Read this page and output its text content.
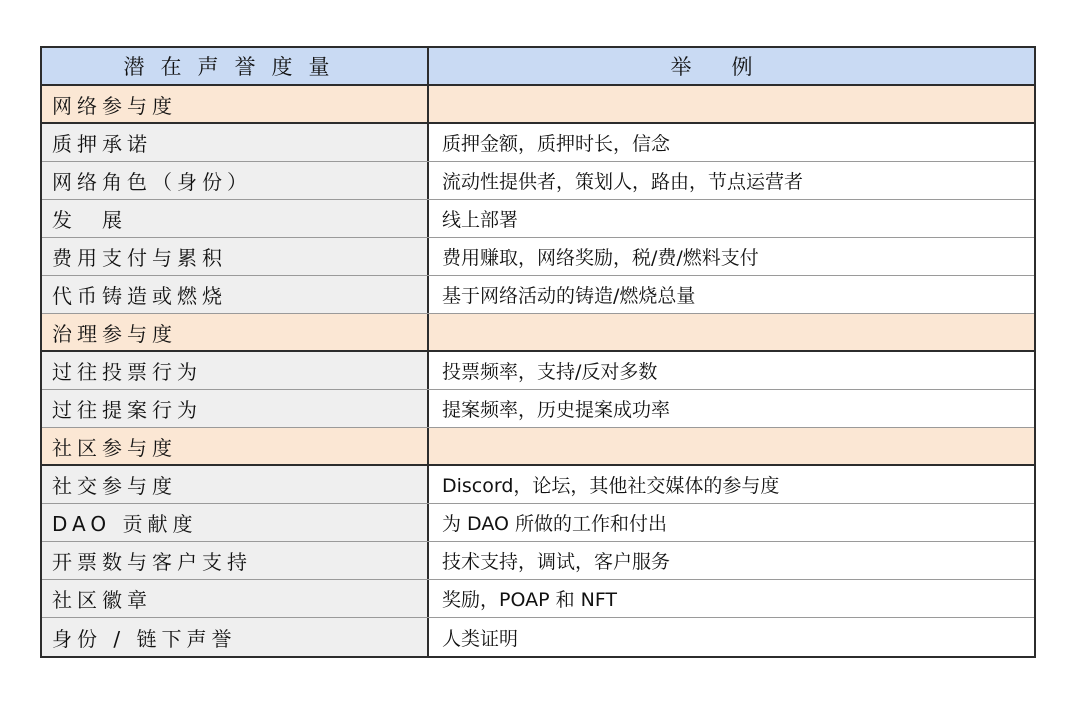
潜在声誉度量	举例
网络参与度
质押承诺	质押金额，质押时长，信念
网络角色（身份）	流动性提供者，策划人，路由，节点运营者
发　展	线上部署
费用支付与累积	费用赚取，网络奖励，税/费/燃料支付
代币铸造或燃烧	基于网络活动的铸造/燃烧总量
治理参与度
过往投票行为	投票频率，支持/反对多数
过往提案行为	提案频率，历史提案成功率
社区参与度
社交参与度	Discord，论坛，其他社交媒体的参与度
DAO 贡献度	为 DAO 所做的工作和付出
开票数与客户支持	技术支持，调试，客户服务
社区徽章	奖励，POAP 和 NFT
身份 / 链下声誉	人类证明
